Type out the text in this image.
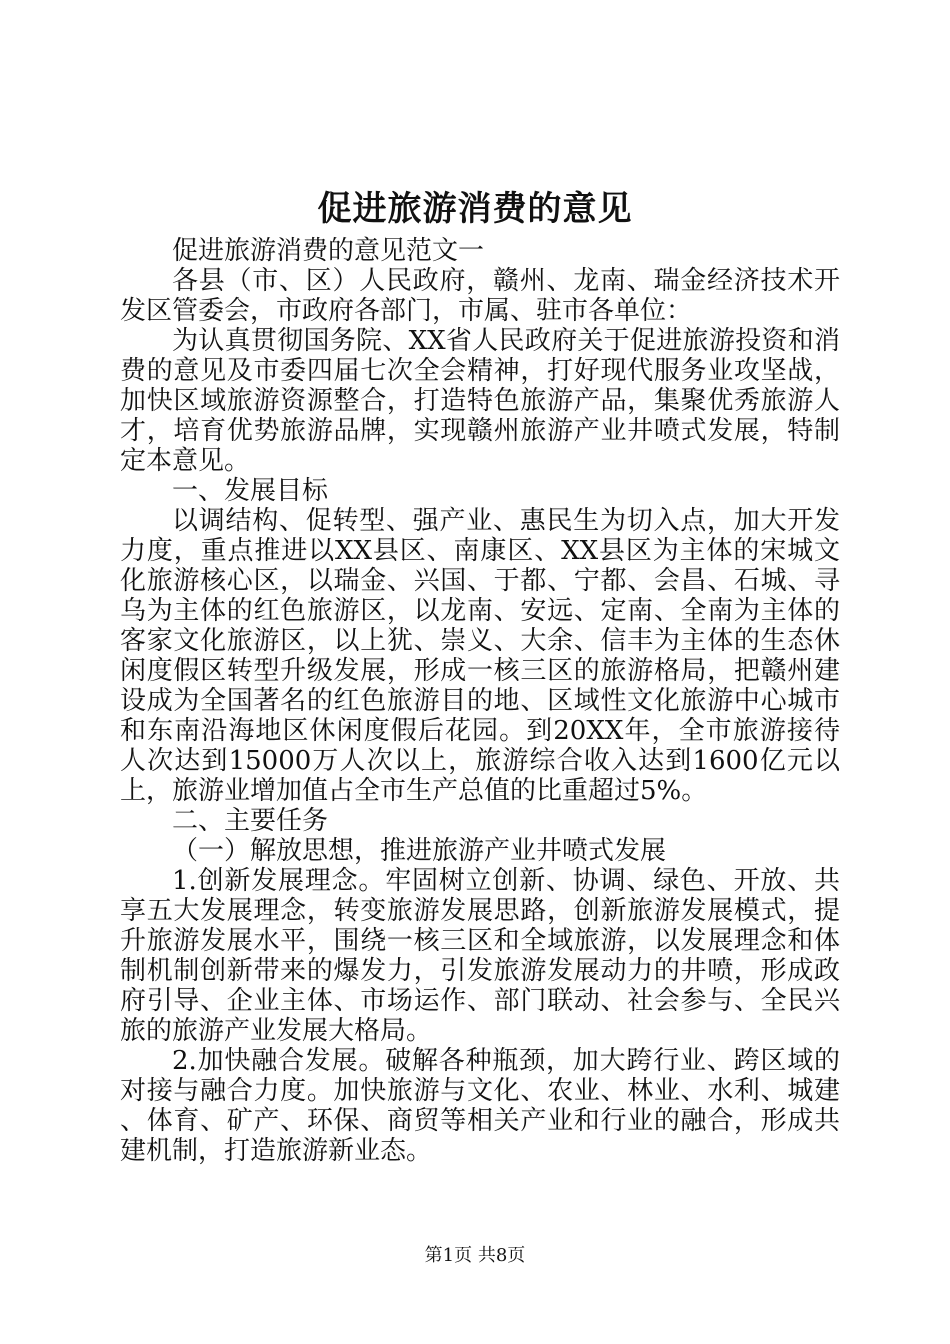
促进旅游消费的意见

促进旅游消费的意见范文一

各县（市、区）人民政府，赣州、龙南、瑞金经济技术开发区管委会，市政府各部门，市属、驻市各单位：

为认真贯彻国务院、XX省人民政府关于促进旅游投资和消费的意见及市委四届七次全会精神，打好现代服务业攻坚战，加快区域旅游资源整合，打造特色旅游产品，集聚优秀旅游人才，培育优势旅游品牌，实现赣州旅游产业井喷式发展，特制定本意见。

一、发展目标

以调结构、促转型、强产业、惠民生为切入点，加大开发力度，重点推进以XX县区、南康区、XX县区为主体的宋城文化旅游核心区，以瑞金、兴国、于都、宁都、会昌、石城、寻乌为主体的红色旅游区，以龙南、安远、定南、全南为主体的客家文化旅游区，以上犹、崇义、大余、信丰为主体的生态休闲度假区转型升级发展，形成一核三区的旅游格局，把赣州建设成为全国著名的红色旅游目的地、区域性文化旅游中心城市和东南沿海地区休闲度假后花园。到20XX年，全市旅游接待人次达到15000万人次以上，旅游综合收入达到1600亿元以上，旅游业增加值占全市生产总值的比重超过5%。

二、主要任务

（一）解放思想，推进旅游产业井喷式发展

1.创新发展理念。牢固树立创新、协调、绿色、开放、共享五大发展理念，转变旅游发展思路，创新旅游发展模式，提升旅游发展水平，围绕一核三区和全域旅游，以发展理念和体制机制创新带来的爆发力，引发旅游发展动力的井喷，形成政府引导、企业主体、市场运作、部门联动、社会参与、全民兴旅的旅游产业发展大格局。

2.加快融合发展。破解各种瓶颈，加大跨行业、跨区域的对接与融合力度。加快旅游与文化、农业、林业、水利、城建、体育、矿产、环保、商贸等相关产业和行业的融合，形成共建机制，打造旅游新业态。

第1页 共8页
